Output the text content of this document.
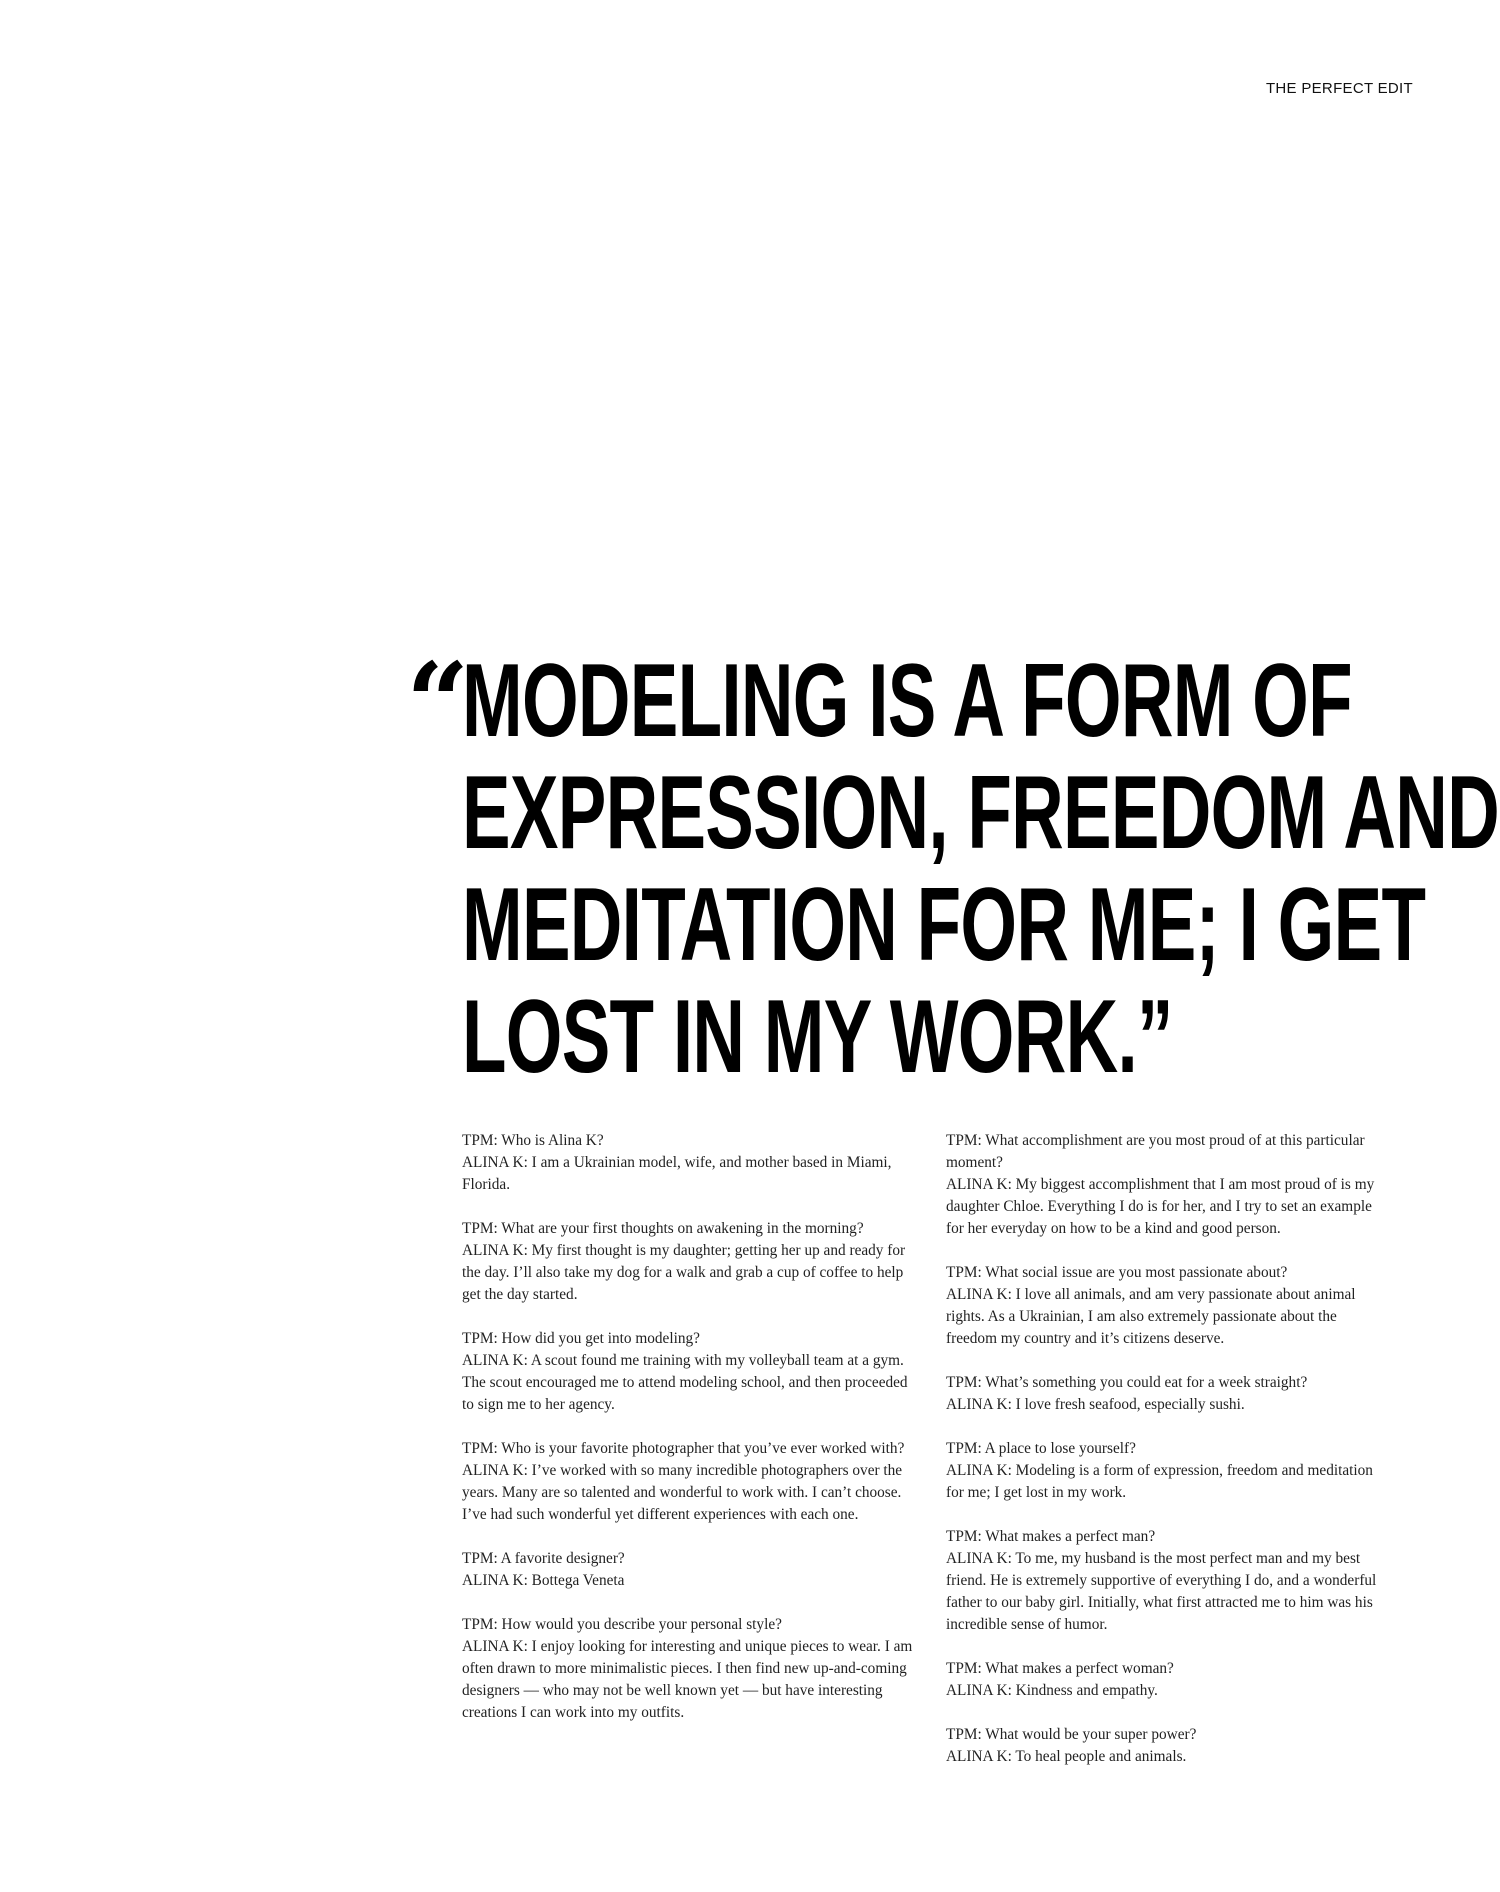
THE PERFECT EDIT
“
MODELING IS A FORM OF
EXPRESSION, FREEDOM AND
MEDITATION FOR ME; I GET
LOST IN MY WORK.”

TPM: Who is Alina K?

ALINA K: I am a Ukrainian model, wife, and mother based in Miami, Florida.

TPM: What are your first thoughts on awakening in the morning?

ALINA K: My first thought is my daughter; getting her up and ready for the day. I’ll also take my dog for a walk and grab a cup of coffee to help get the day started.

TPM: How did you get into modeling?

ALINA K: A scout found me training with my volleyball team at a gym. The scout encouraged me to attend modeling school, and then proceeded to sign me to her agency.

TPM: Who is your favorite photographer that you’ve ever worked with?

ALINA K: I’ve worked with so many incredible photographers over the years. Many are so talented and wonderful to work with. I can’t choose. I’ve had such wonderful yet different experiences with each one.

TPM: A favorite designer?

ALINA K: Bottega Veneta

TPM: How would you describe your personal style?

ALINA K: I enjoy looking for interesting and unique pieces to wear. I am often drawn to more minimalistic pieces. I then find new up-and-coming designers — who may not be well known yet — but have interesting creations I can work into my outfits.

TPM: What accomplishment are you most proud of at this particular moment?

ALINA K: My biggest accomplishment that I am most proud of is my daughter Chloe. Everything I do is for her, and I try to set an example for her everyday on how to be a kind and good person.

TPM: What social issue are you most passionate about?

ALINA K: I love all animals, and am very passionate about animal rights. As a Ukrainian, I am also extremely passionate about the freedom my country and it’s citizens deserve.

TPM: What’s something you could eat for a week straight?

ALINA K: I love fresh seafood, especially sushi.

TPM: A place to lose yourself?

ALINA K: Modeling is a form of expression, freedom and meditation for me; I get lost in my work.

TPM: What makes a perfect man?

ALINA K: To me, my husband is the most perfect man and my best friend. He is extremely supportive of everything I do, and a wonderful father to our baby girl. Initially, what first attracted me to him was his incredible sense of humor.

TPM: What makes a perfect woman?

ALINA K: Kindness and empathy.

TPM: What would be your super power?

ALINA K: To heal people and animals.
